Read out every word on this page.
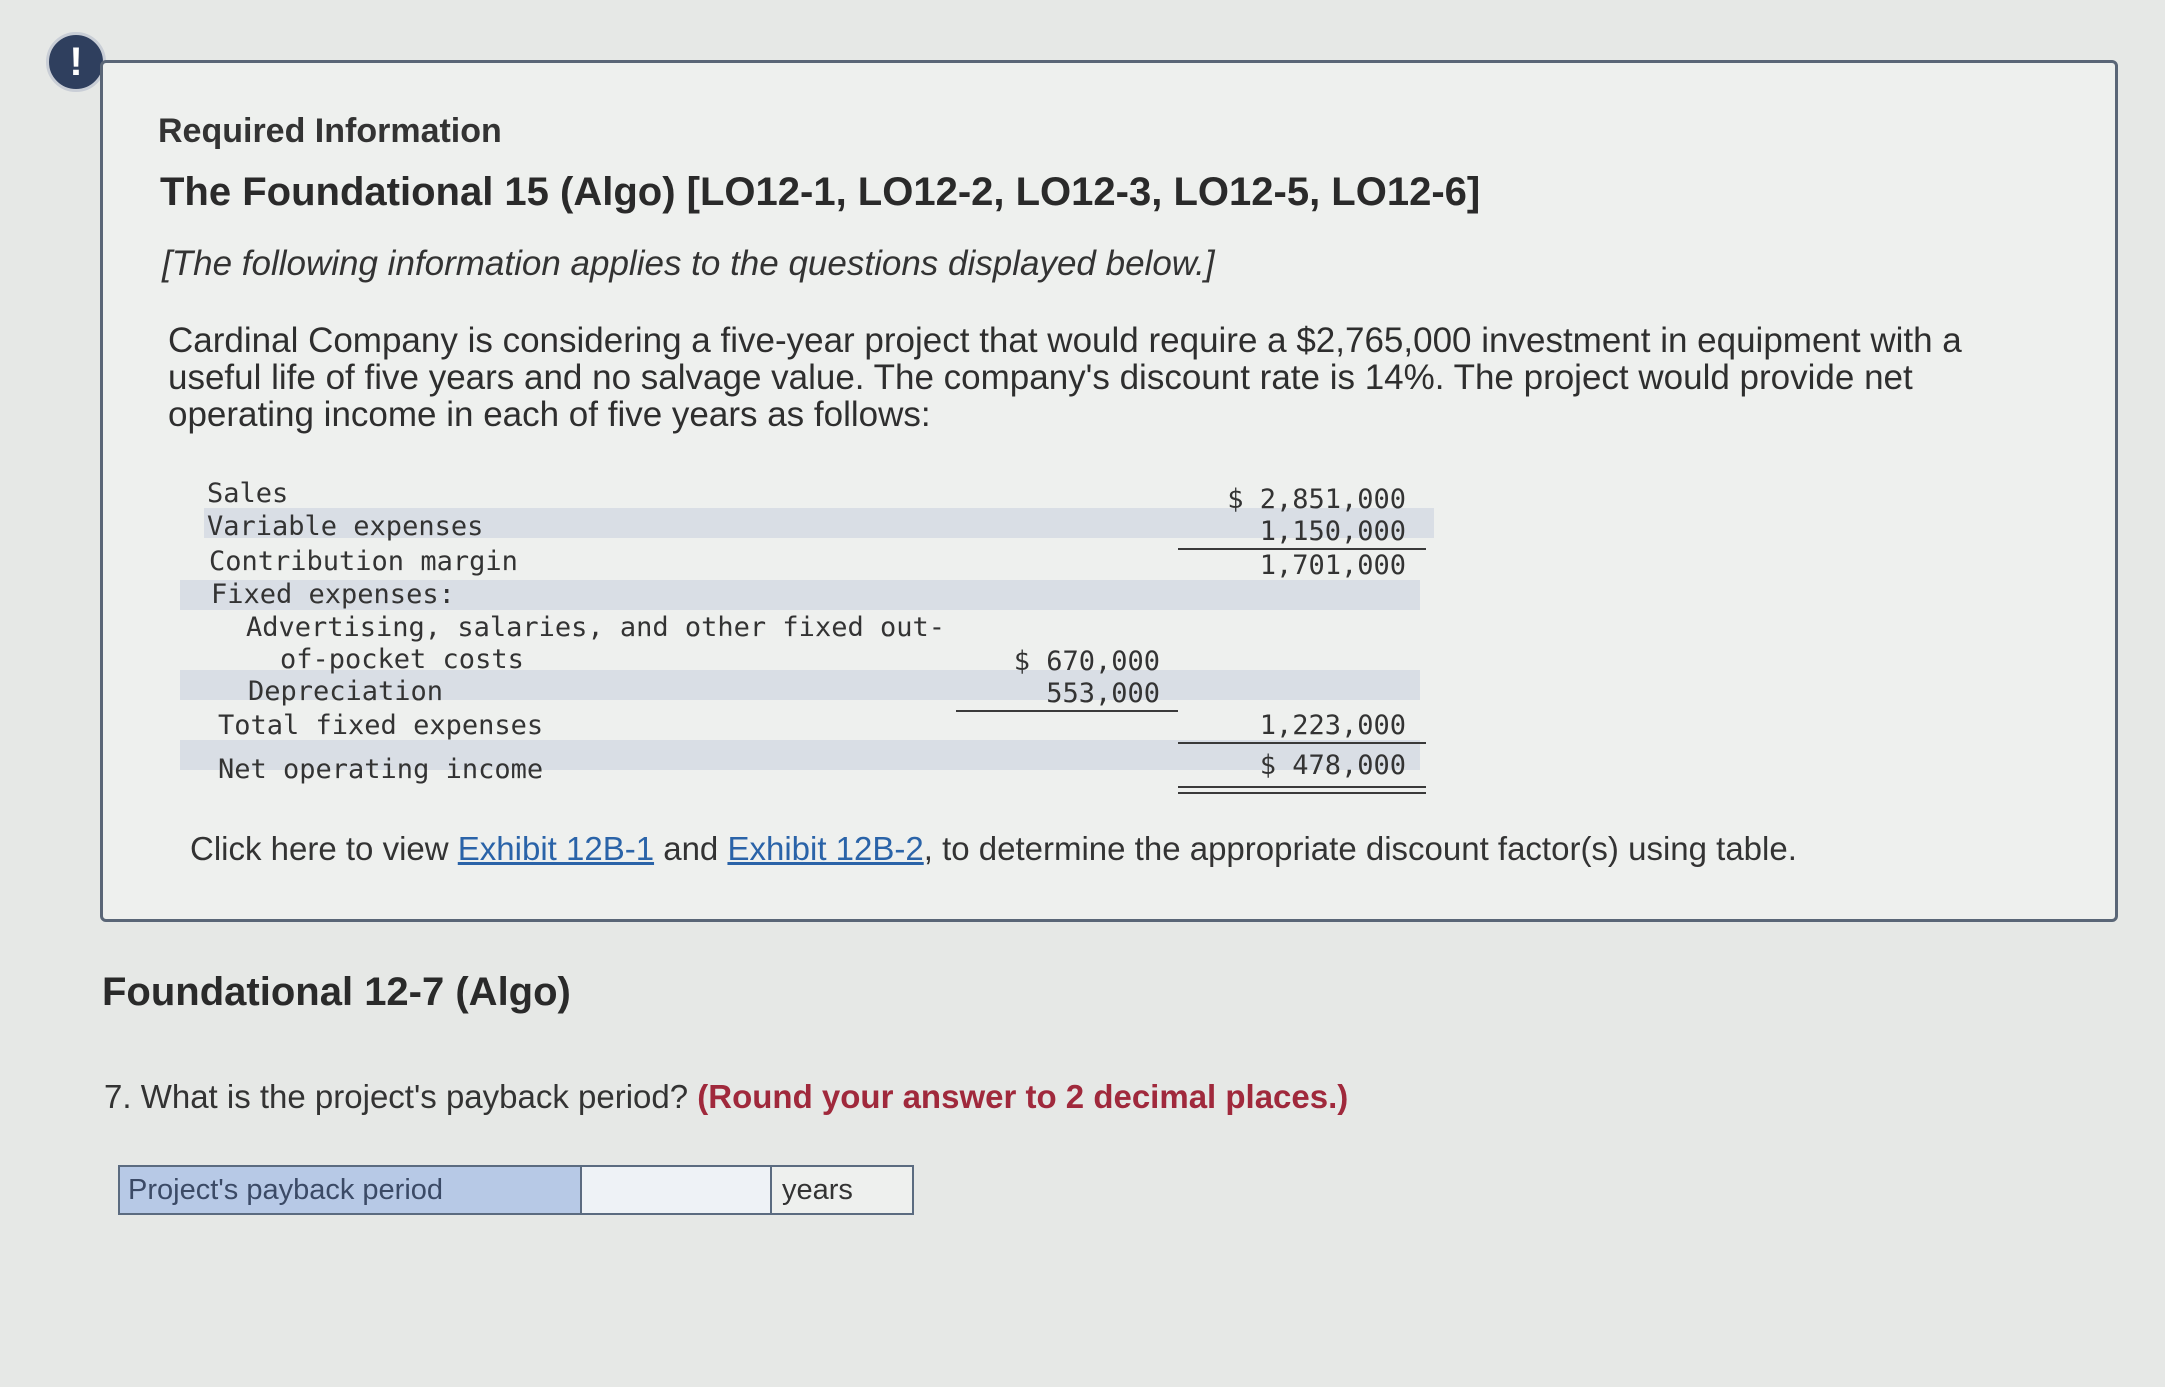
!
Required Information
The Foundational 15 (Algo) [LO12-1, LO12-2, LO12-3, LO12-5, LO12-6]
[The following information applies to the questions displayed below.]
Cardinal Company is considering a five-year project that would require a $2,765,000 investment in equipment with a useful life of five years and no salvage value. The company's discount rate is 14%. The project would provide net operating income in each of five years as follows:
Sales
Variable expenses
Contribution margin
Fixed expenses:
Advertising, salaries, and other fixed out-
of-pocket costs
Depreciation
Total fixed expenses
Net operating income
$ 670,000
553,000
$ 2,851,000
1,150,000
1,701,000
1,223,000
$ 478,000
Click here to view Exhibit 12B-1 and Exhibit 12B-2, to determine the appropriate discount factor(s) using table.
Foundational 12-7 (Algo)
7. What is the project's payback period? (Round your answer to 2 decimal places.)
Project's payback period	years
